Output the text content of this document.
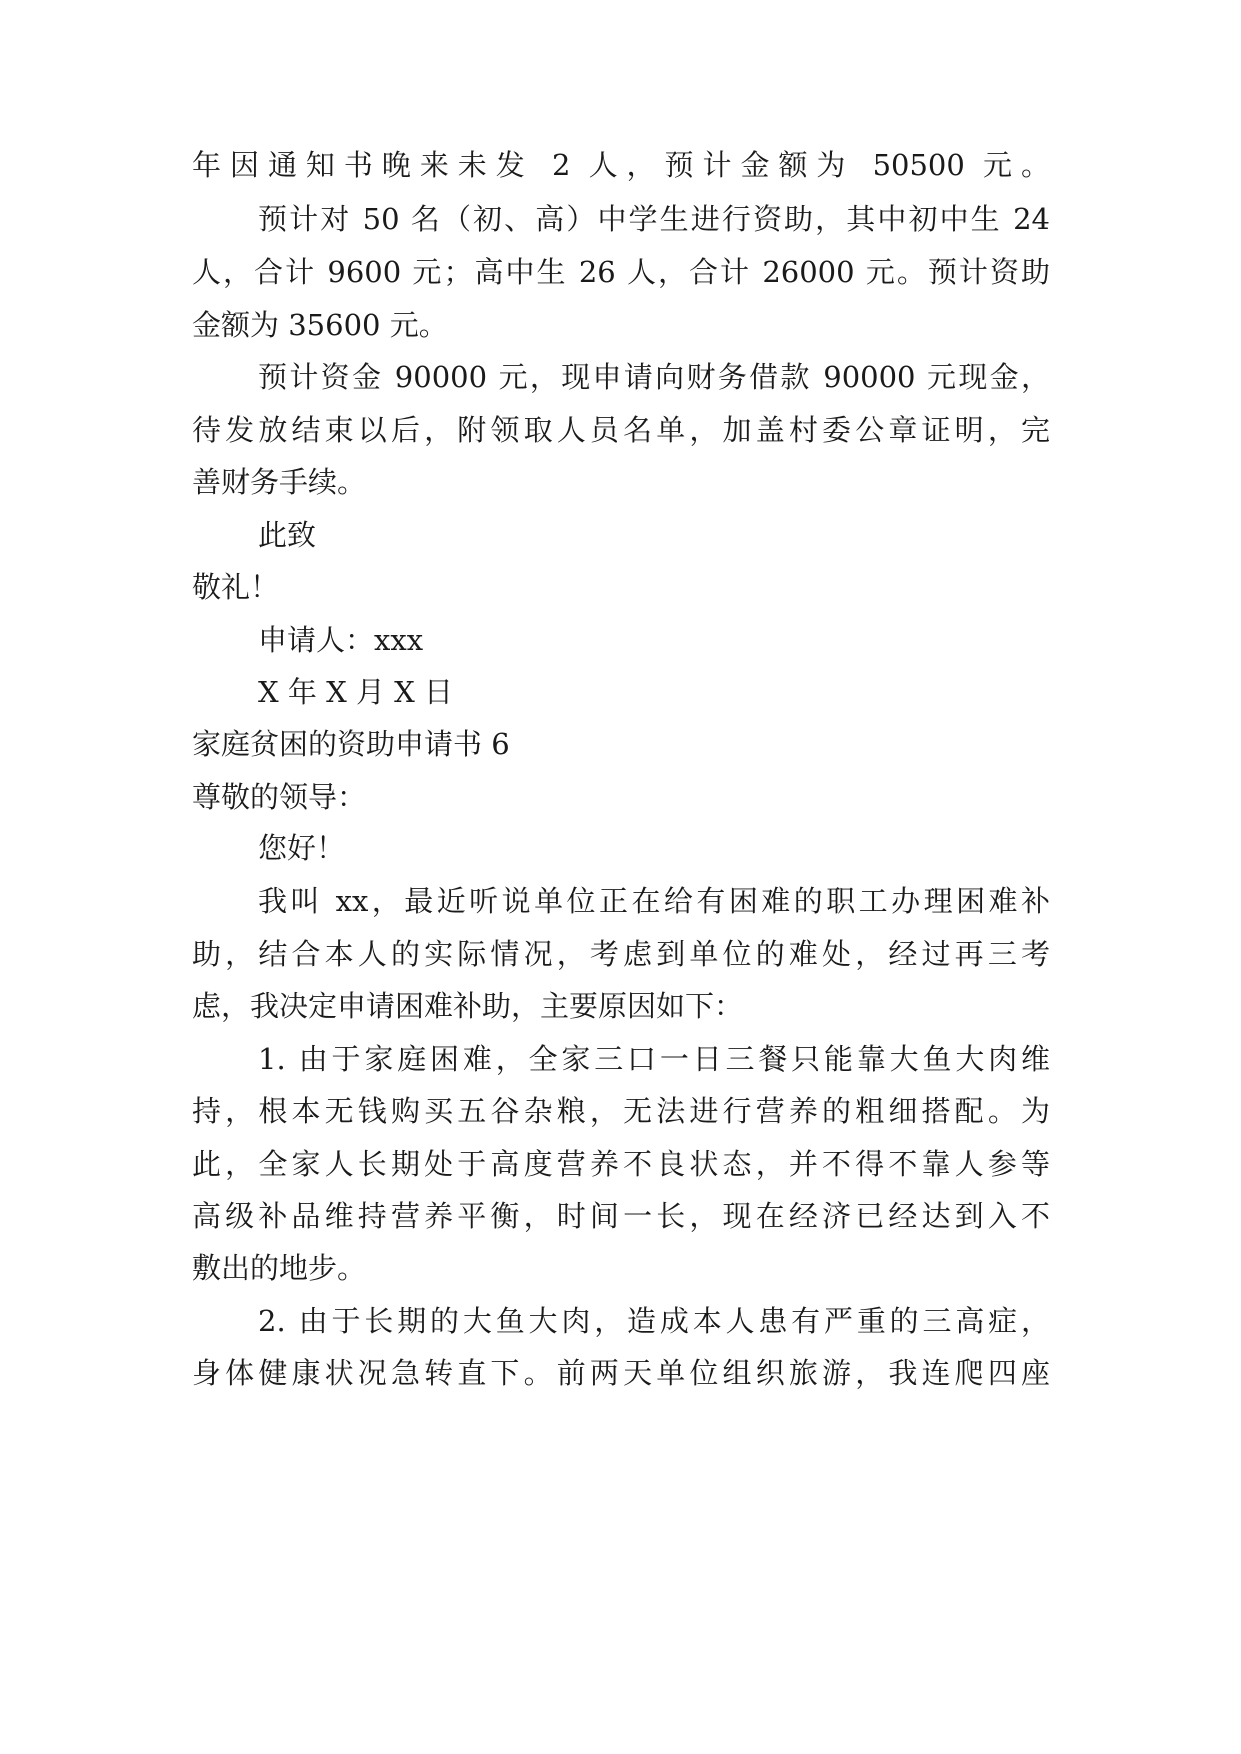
年因通知书晚来未发 2 人，预计金额为 50500 元。
预计对 50 名（初、高）中学生进行资助，其中初中生 24
人，合计 9600 元；高中生 26 人，合计 26000 元。预计资助
金额为 35600 元。
预计资金 90000 元，现申请向财务借款 90000 元现金，
待发放结束以后，附领取人员名单，加盖村委公章证明，完
善财务手续。
此致
敬礼！
申请人：xxx
X 年 X 月 X 日
家庭贫困的资助申请书 6
尊敬的领导：
您好！
我叫 xx，最近听说单位正在给有困难的职工办理困难补
助，结合本人的实际情况，考虑到单位的难处，经过再三考
虑，我决定申请困难补助，主要原因如下：
1. 由于家庭困难，全家三口一日三餐只能靠大鱼大肉维
持，根本无钱购买五谷杂粮，无法进行营养的粗细搭配。为
此，全家人长期处于高度营养不良状态，并不得不靠人参等
高级补品维持营养平衡，时间一长，现在经济已经达到入不
敷出的地步。
2. 由于长期的大鱼大肉，造成本人患有严重的三高症，
身体健康状况急转直下。前两天单位组织旅游，我连爬四座
